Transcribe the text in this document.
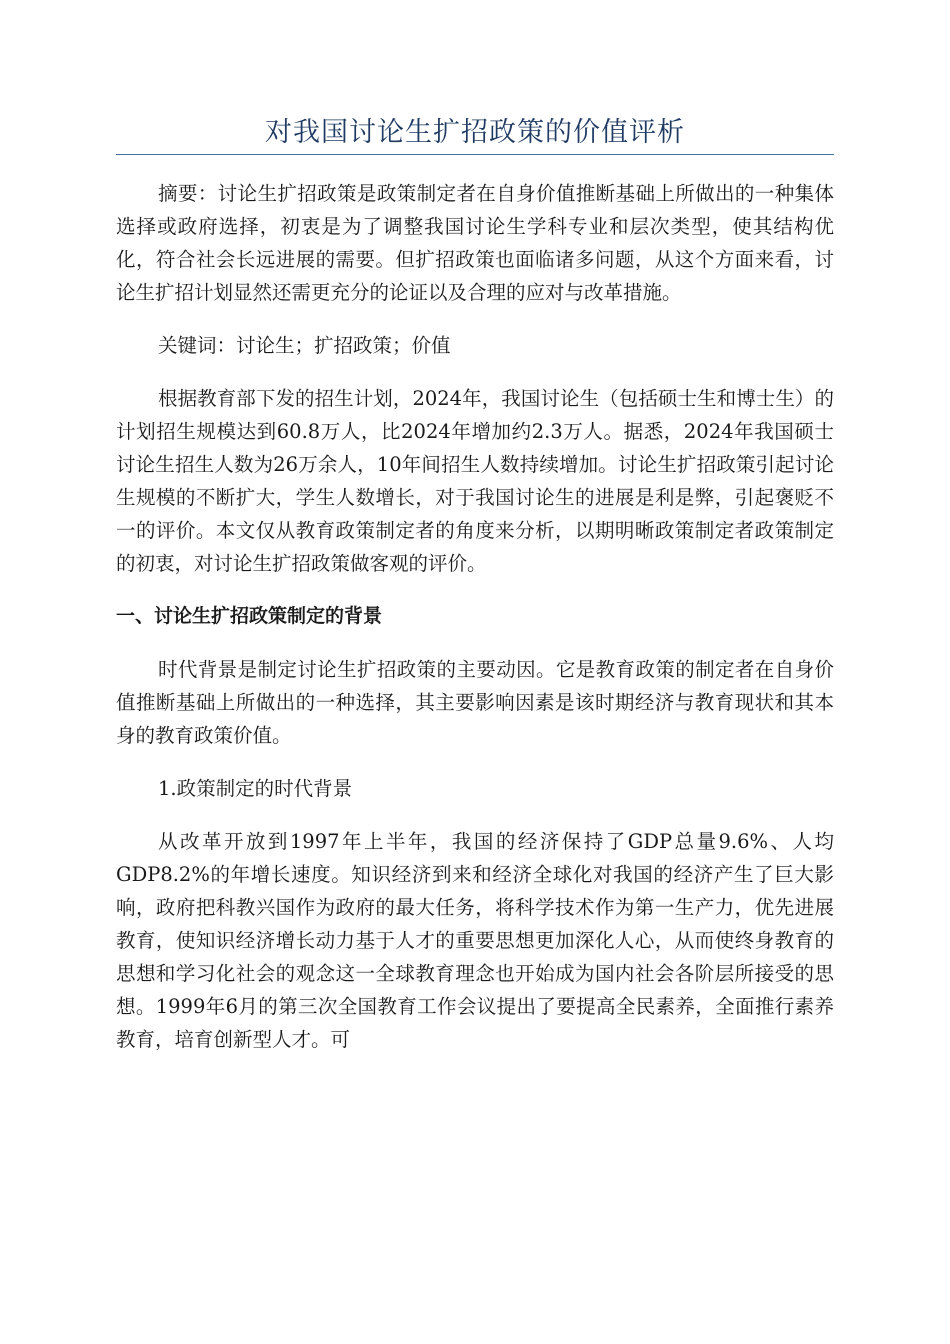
对我国讨论生扩招政策的价值评析

摘要：讨论生扩招政策是政策制定者在自身价值推断基础上所做出的一种集体选择或政府选择，初衷是为了调整我国讨论生学科专业和层次类型，使其结构优化，符合社会长远进展的需要。但扩招政策也面临诸多问题，从这个方面来看，讨论生扩招计划显然还需更充分的论证以及合理的应对与改革措施。

关键词：讨论生；扩招政策；价值

根据教育部下发的招生计划，2024年，我国讨论生（包括硕士生和博士生）的计划招生规模达到60.8万人，比2024年增加约2.3万人。据悉，2024年我国硕士讨论生招生人数为26万余人，10年间招生人数持续增加。讨论生扩招政策引起讨论生规模的不断扩大，学生人数增长，对于我国讨论生的进展是利是弊，引起褒贬不一的评价。本文仅从教育政策制定者的角度来分析，以期明晰政策制定者政策制定的初衷，对讨论生扩招政策做客观的评价。

一、讨论生扩招政策制定的背景

时代背景是制定讨论生扩招政策的主要动因。它是教育政策的制定者在自身价值推断基础上所做出的一种选择，其主要影响因素是该时期经济与教育现状和其本身的教育政策价值。

1.政策制定的时代背景

从改革开放到1997年上半年，我国的经济保持了GDP总量9.6%、人均GDP8.2%的年增长速度。知识经济到来和经济全球化对我国的经济产生了巨大影响，政府把科教兴国作为政府的最大任务，将科学技术作为第一生产力，优先进展教育，使知识经济增长动力基于人才的重要思想更加深化人心，从而使终身教育的思想和学习化社会的观念这一全球教育理念也开始成为国内社会各阶层所接受的思想。1999年6月的第三次全国教育工作会议提出了要提高全民素养，全面推行素养教育，培育创新型人才。可
